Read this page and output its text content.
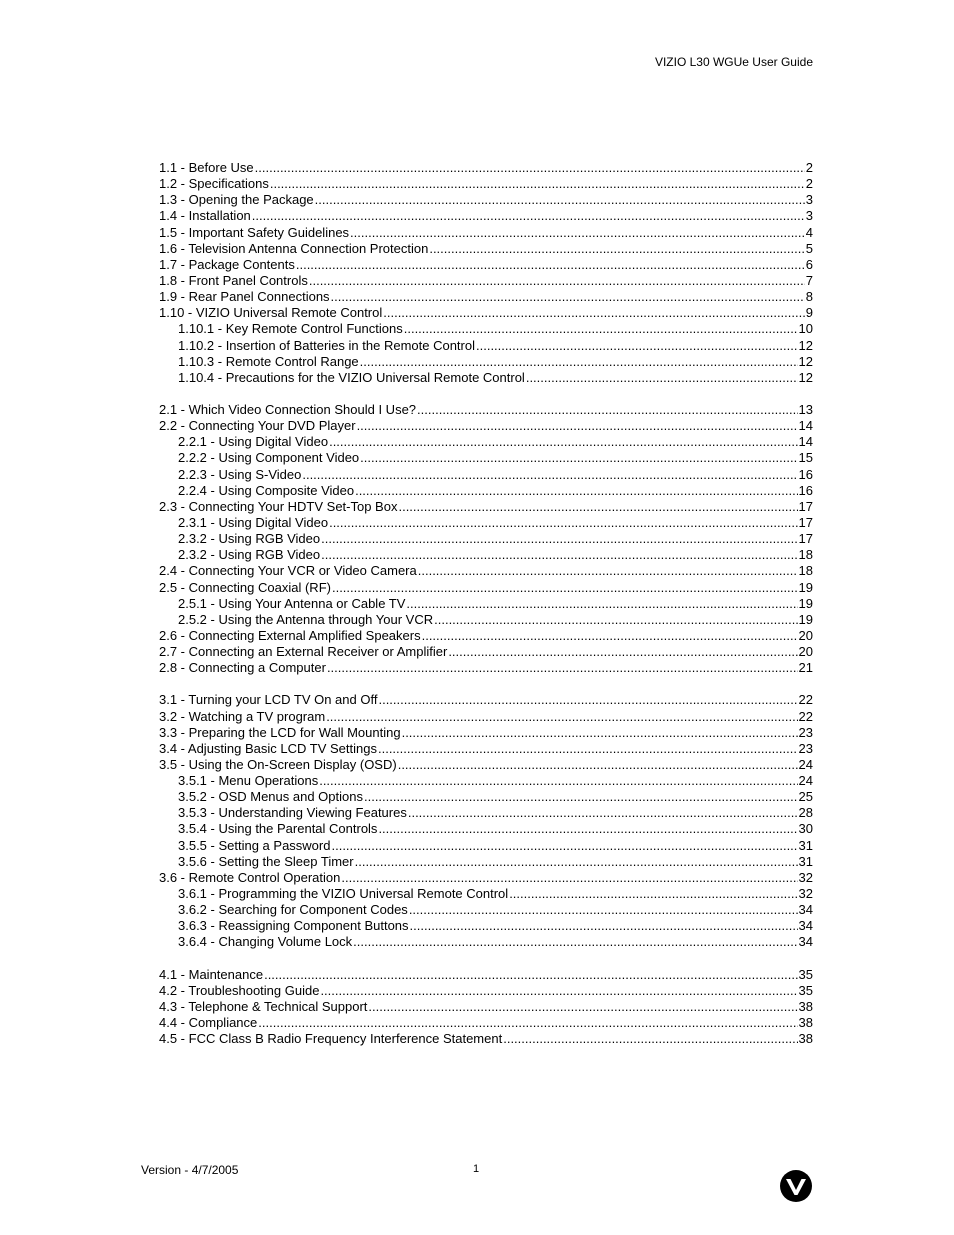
VIZIO L30 WGUe User Guide
1.1 - Before Use .....	2
1.2 - Specifications .....	2
1.3 - Opening the Package .....	3
1.4 - Installation .....	3
1.5 - Important Safety Guidelines .....	4
1.6 - Television Antenna Connection Protection .....	5
1.7 - Package Contents .....	6
1.8 - Front Panel Controls .....	7
1.9 - Rear Panel Connections .....	8
1.10 - VIZIO Universal Remote Control .....	9
1.10.1 - Key Remote Control Functions .....	10
1.10.2 - Insertion of Batteries in the Remote Control .....	12
1.10.3 - Remote Control Range .....	12
1.10.4 - Precautions for the VIZIO Universal Remote Control .....	12
2.1 - Which Video Connection Should I Use? .....	13
2.2 - Connecting Your DVD Player .....	14
2.2.1 - Using Digital Video .....	14
2.2.2 - Using Component Video .....	15
2.2.3 - Using S-Video .....	16
2.2.4 - Using Composite Video .....	16
2.3 - Connecting Your HDTV Set-Top Box .....	17
2.3.1 - Using Digital Video .....	17
2.3.2 - Using RGB Video .....	17
2.3.2 - Using RGB Video .....	18
2.4 - Connecting Your VCR or Video Camera .....	18
2.5 - Connecting Coaxial (RF) .....	19
2.5.1 - Using Your Antenna or Cable TV .....	19
2.5.2 - Using the Antenna through Your VCR .....	19
2.6 - Connecting External Amplified Speakers .....	20
2.7 - Connecting an External Receiver or Amplifier .....	20
2.8 - Connecting a Computer .....	21
3.1 - Turning your LCD TV On and Off .....	22
3.2 - Watching a TV program .....	22
3.3 - Preparing the LCD for Wall Mounting .....	23
3.4 - Adjusting Basic LCD TV Settings .....	23
3.5 - Using the On-Screen Display (OSD) .....	24
3.5.1 - Menu Operations .....	24
3.5.2 - OSD Menus and Options .....	25
3.5.3 - Understanding Viewing Features .....	28
3.5.4 - Using the Parental Controls .....	30
3.5.5 - Setting a Password .....	31
3.5.6 - Setting the Sleep Timer .....	31
3.6 - Remote Control Operation .....	32
3.6.1 - Programming the VIZIO Universal Remote Control .....	32
3.6.2 - Searching for Component Codes .....	34
3.6.3 - Reassigning Component Buttons .....	34
3.6.4 - Changing Volume Lock .....	34
4.1 - Maintenance .....	35
4.2 - Troubleshooting Guide .....	35
4.3 - Telephone & Technical Support .....	38
4.4 - Compliance .....	38
4.5 - FCC Class B Radio Frequency Interference Statement .....	38
Version - 4/7/2005	1
